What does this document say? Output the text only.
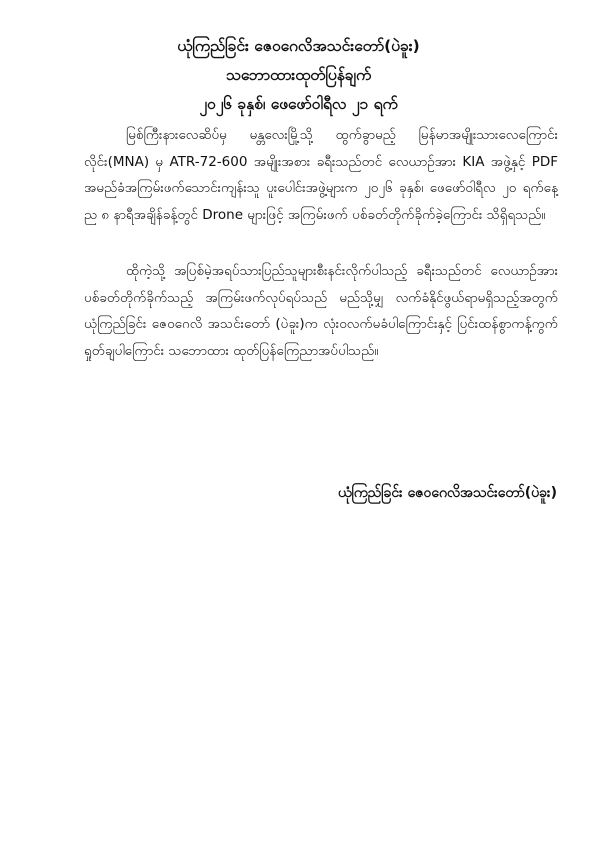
ယုံကြည်ခြင်း ဇေဝဂေလိအသင်းတော်(ပဲခူး)
သဘောထားထုတ်ပြန်ချက်
၂၀၂၆ ခုနှစ်၊ ဖေဖော်ဝါရီလ ၂၁ ရက်

မြစ်ကြီးနားလေဆိပ်မှ မန္တလေးမြို့သို့ ထွက်ခွာမည့် မြန်မာအမျိုးသားလေကြောင်းလိုင်း(MNA) မှ ATR-72-600 အမျိုးအစား ခရီးသည်တင် လေယာဉ်အား KIA အဖွဲ့နှင့် PDF အမည်ခံအကြမ်းဖက်သောင်းကျန်းသူ ပူးပေါင်းအဖွဲ့များက ၂၀၂၆ ခုနှစ်၊ ဖေဖော်ဝါရီလ ၂၀ ရက်နေ့ ည ၈ နာရီအချိန်ခန့်တွင် Drone များဖြင့် အကြမ်းဖက် ပစ်ခတ်တိုက်ခိုက်ခဲ့ကြောင်း သိရှိရသည်။

ထိုကဲ့သို့ အပြစ်မဲ့အရပ်သားပြည်သူများစီးနင်းလိုက်ပါသည့် ခရီးသည်တင် လေယာဉ်အား ပစ်ခတ်တိုက်ခိုက်သည့် အကြမ်းဖက်လုပ်ရပ်သည် မည်သို့မျှ လက်ခံနိုင်ဖွယ်ရာမရှိသည့်အတွက် ယုံကြည်ခြင်း ဇေဝဂေလိ အသင်းတော် (ပဲခူး)က လုံးဝလက်မခံပါကြောင်းနှင့် ပြင်းထန်စွာကန့်ကွက်ရှုတ်ချပါကြောင်း သဘောထား ထုတ်ပြန်ကြေညာအပ်ပါသည်။

ယုံကြည်ခြင်း ဇေဝဂေလိအသင်းတော်(ပဲခူး)
